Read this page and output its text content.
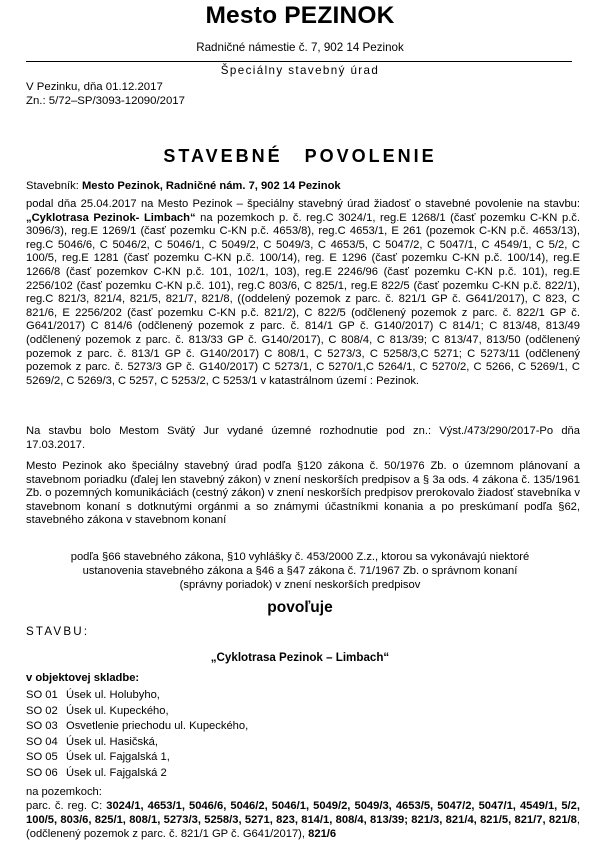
Mesto PEZINOK
Radničné námestie č. 7, 902 14 Pezinok
Špeciálny stavebný úrad
V Pezinku, dňa 01.12.2017
Zn.: 5/72–SP/3093-12090/2017
STAVEBNÉ POVOLENIE
Stavebník: Mesto Pezinok, Radničné nám. 7, 902 14 Pezinok
podal dňa 25.04.2017 na Mesto Pezinok – špeciálny stavebný úrad žiadosť o stavebné povolenie na stavbu: „Cyklotrasa Pezinok- Limbach“ na pozemkoch p. č. reg.C 3024/1, reg.E 1268/1 (časť pozemku C-KN p.č. 3096/3), reg.E 1269/1 (časť pozemku C-KN p.č. 4653/8), reg.C 4653/1, E 261 (pozemok C-KN p.č. 4653/13), reg.C 5046/6, C 5046/2, C 5046/1, C 5049/2, C 5049/3, C 4653/5, C 5047/2, C 5047/1, C 4549/1, C 5/2, C 100/5, reg.E 1281 (časť pozemku C-KN p.č. 100/14), reg. E 1296 (časť pozemku C-KN p.č. 100/14), reg.E 1266/8 (časť pozemkov C-KN p.č. 101, 102/1, 103), reg.E 2246/96 (časť pozemku C-KN p.č. 101), reg.E 2256/102 (časť pozemku C-KN p.č. 101), reg.C 803/6, C 825/1, reg.E 822/5 (časť pozemku C-KN p.č. 822/1), reg.C 821/3, 821/4, 821/5, 821/7, 821/8, ((oddelený pozemok z parc. č. 821/1 GP č. G641/2017), C 823, C 821/6, E 2256/202 (časť pozemku C-KN p.č. 821/2), C 822/5 (odčlenený pozemok z parc. č. 822/1 GP č. G641/2017) C 814/6 (odčlenený pozemok z parc. č. 814/1 GP č. G140/2017) C 814/1; C 813/48, 813/49 (odčlenený pozemok z parc. č. 813/33 GP č. G140/2017), C 808/4, C 813/39; C 813/47, 813/50 (odčlenený pozemok z parc. č. 813/1 GP č. G140/2017) C 808/1, C 5273/3, C 5258/3,C 5271; C 5273/11 (odčlenený pozemok z parc. č. 5273/3 GP č. G140/2017) C 5273/1, C 5270/1,C 5264/1, C 5270/2, C 5266, C 5269/1, C 5269/2, C 5269/3, C 5257, C 5253/2, C 5253/1 v katastrálnom území : Pezinok.
Na stavbu bolo Mestom Svätý Jur vydané územné rozhodnutie pod zn.: Výst./473/290/2017-Po dňa 17.03.2017.
Mesto Pezinok ako špeciálny stavebný úrad podľa §120 zákona č. 50/1976 Zb. o územnom plánovaní a stavebnom poriadku (ďalej len stavebný zákon) v znení neskorších predpisov a § 3a ods. 4 zákona č. 135/1961 Zb. o pozemných komunikáciách (cestný zákon) v znení neskorších predpisov prerokovalo žiadosť stavebníka v stavebnom konaní s dotknutými orgánmi a so známymi účastníkmi konania a po preskúmaní podľa §62, stavebného zákona v stavebnom konaní
podľa §66 stavebného zákona, §10 vyhlášky č. 453/2000 Z.z., ktorou sa vykonávajú niektoré ustanovenia stavebného zákona a §46 a §47 zákona č. 71/1967 Zb. o správnom konaní (správny poriadok) v znení neskorších predpisov
povoľuje
STAVBU:
„Cyklotrasa Pezinok – Limbach“
v objektovej skladbe:
SO 01 Úsek ul. Holubyho,
SO 02 Úsek ul. Kupeckého,
SO 03 Osvetlenie priechodu ul. Kupeckého,
SO 04 Úsek ul. Hasičská,
SO 05 Úsek ul. Fajgalská 1,
SO 06 Úsek ul. Fajgalská 2
na pozemkoch:
parc. č. reg. C: 3024/1, 4653/1, 5046/6, 5046/2, 5046/1, 5049/2, 5049/3, 4653/5, 5047/2, 5047/1, 4549/1, 5/2, 100/5, 803/6, 825/1, 808/1, 5273/3, 5258/3, 5271, 823, 814/1, 808/4, 813/39; 821/3, 821/4, 821/5, 821/7, 821/8, (odčlenený pozemok z parc. č. 821/1 GP č. G641/2017), 821/6
